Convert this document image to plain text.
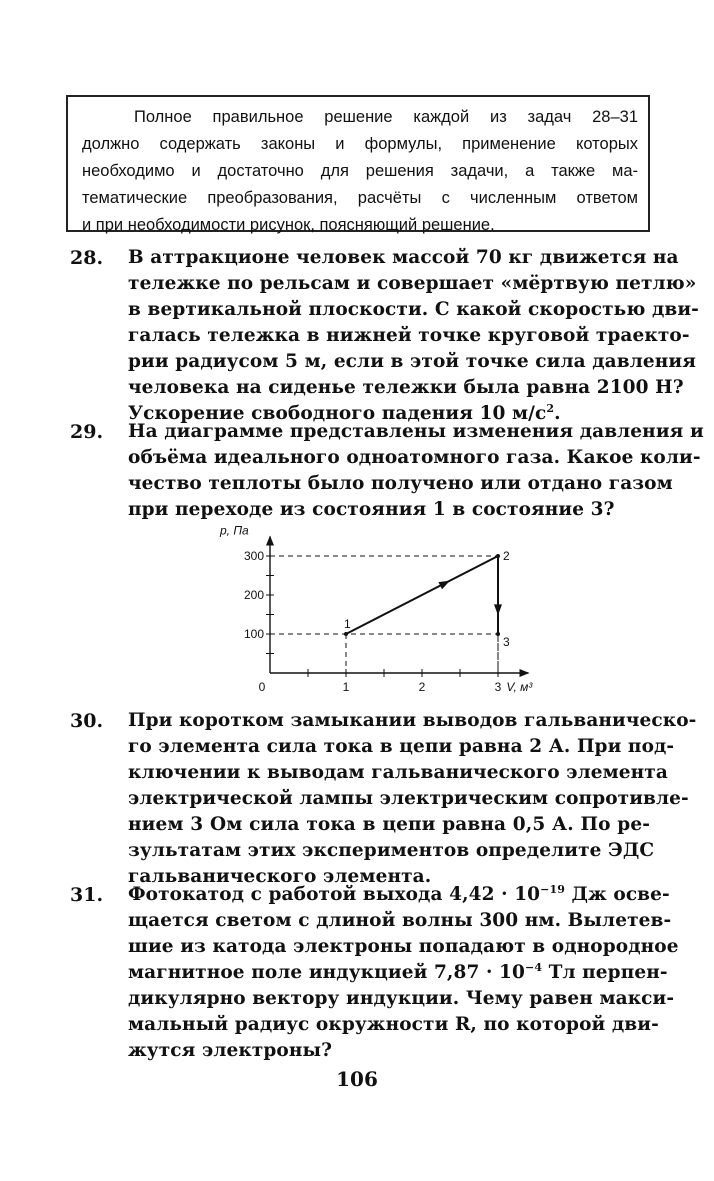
Полное правильное решение каждой из задач 28–31
должно содержать законы и формулы, применение которых
необходимо и достаточно для решения задачи, а также ма-
тематические преобразования, расчёты с численным ответом
и при необходимости рисунок, поясняющий решение.
28. В аттракционе человек массой 70 кг движется на
тележке по рельсам и совершает «мёртвую петлю»
в вертикальной плоскости. С какой скоростью дви-
галась тележка в нижней точке круговой траекто-
рии радиусом 5 м, если в этой точке сила давления
человека на сиденье тележки была равна 2100 Н?
Ускорение свободного падения 10 $м/с^2$.
29. На диаграмме представлены изменения давления и
объёма идеального одноатомного газа. Какое коли-
чество теплоты было получено или отдано газом
при переходе из состояния 1 в состояние 3?
0	1	2	3
100
200
300
1
2
3
p, Па
V, м³
30. При коротком замыкании выводов гальваническо-
го элемента сила тока в цепи равна 2 А. При под-
ключении к выводам гальванического элемента
электрической лампы электрическим сопротивле-
нием 3 Ом сила тока в цепи равна 0,5 А. По ре-
зультатам этих экспериментов определите ЭДС
гальванического элемента.
31. Фотокатод с работой выхода $4,42 \cdot 10^{-19}$ Дж осве-
щается светом с длиной волны 300 нм. Вылетев-
шие из катода электроны попадают в однородное
магнитное поле индукцией $7,87 \cdot 10^{-4}$ Тл перпен-
дикулярно вектору индукции. Чему равен макси-
мальный радиус окружности R, по которой дви-
жутся электроны?
106
